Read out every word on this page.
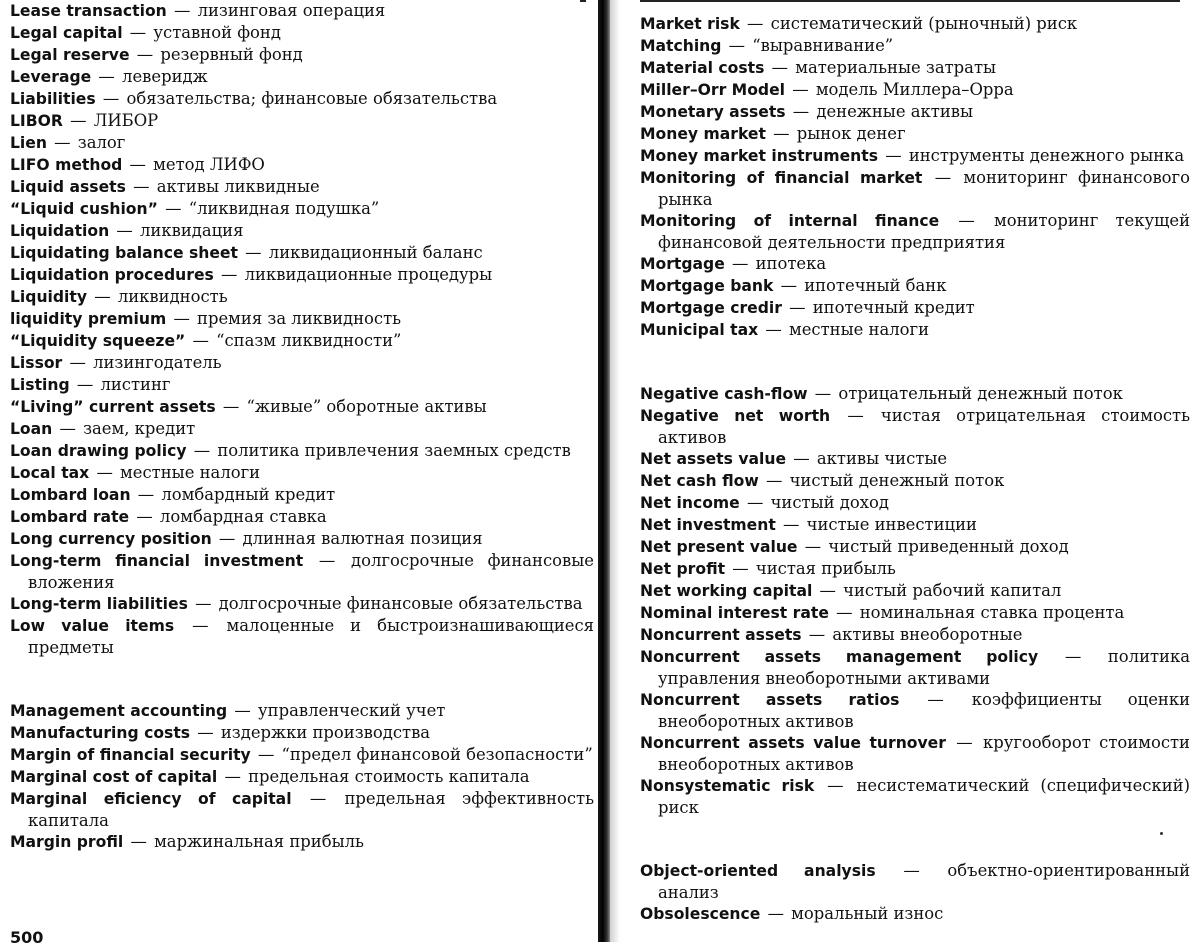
Lease transaction — лизинговая операция

Legal capital — уставной фонд

Legal reserve — резервный фонд

Leverage — леверидж

Liabilities — обязательства; финансовые обязательства

LIBOR — ЛИБОР

Lien — залог

LIFO method — метод ЛИФО

Liquid assets — активы ликвидные

“Liquid cushion” — “ликвидная подушка”

Liquidation — ликвидация

Liquidating balance sheet — ликвидационный баланс

Liquidation procedures — ликвидационные процедуры

Liquidity — ликвидность

liquidity premium — премия за ликвидность

“Liquidity squeeze” — “спазм ликвидности”

Lissor — лизингодатель

Listing — листинг

“Living” current assets — “живые” оборотные активы

Loan — заем, кредит

Loan drawing policy — политика привлечения заемных средств

Local tax — местные налоги

Lombard loan — ломбардный кредит

Lombard rate — ломбардная ставка

Long currency position — длинная валютная позиция

Long-term financial investment — долгосрочные финансовые вложения

Long-term liabilities — долгосрочные финансовые обязательства

Low value items — малоценные и быстроизнашивающиеся предметы

Management accounting — управленческий учет

Manufacturing costs — издержки производства

Margin of financial security — “предел финансовой безопасности”

Marginal cost of capital — предельная стоимость капитала

Marginal eficiency of capital — предельная эффективность капитала

Margin profil — маржинальная прибыль

Market risk — систематический (рыночный) риск

Matching — “выравнивание”

Material costs — материальные затраты

Miller–Orr Model — модель Миллера–Орра

Monetary assets — денежные активы

Money market — рынок денег

Money market instruments — инструменты денежного рынка

Monitoring of financial market — мониторинг финансового рынка

Monitoring of internal finance — мониторинг текущей финансовой деятельности предприятия

Mortgage — ипотека

Mortgage bank — ипотечный банк

Mortgage credir — ипотечный кредит

Municipal tax — местные налоги

Negative cash-flow — отрицательный денежный поток

Negative net worth — чистая отрицательная стоимость активов

Net assets value — активы чистые

Net cash flow — чистый денежный поток

Net income — чистый доход

Net investment — чистые инвестиции

Net present value — чистый приведенный доход

Net profit — чистая прибыль

Net working capital — чистый рабочий капитал

Nominal interest rate — номинальная ставка процента

Noncurrent assets — активы внеоборотные

Noncurrent assets management policy — политика управления внеоборотными активами

Noncurrent assets ratios — коэффициенты оценки внеоборотных активов

Noncurrent assets value turnover — кругооборот стоимости внеоборотных активов

Nonsystematic risk — несистематический (специфический) риск

Object-oriented analysis — объектно-ориентированный анализ

Obsolescence — моральный износ

500
